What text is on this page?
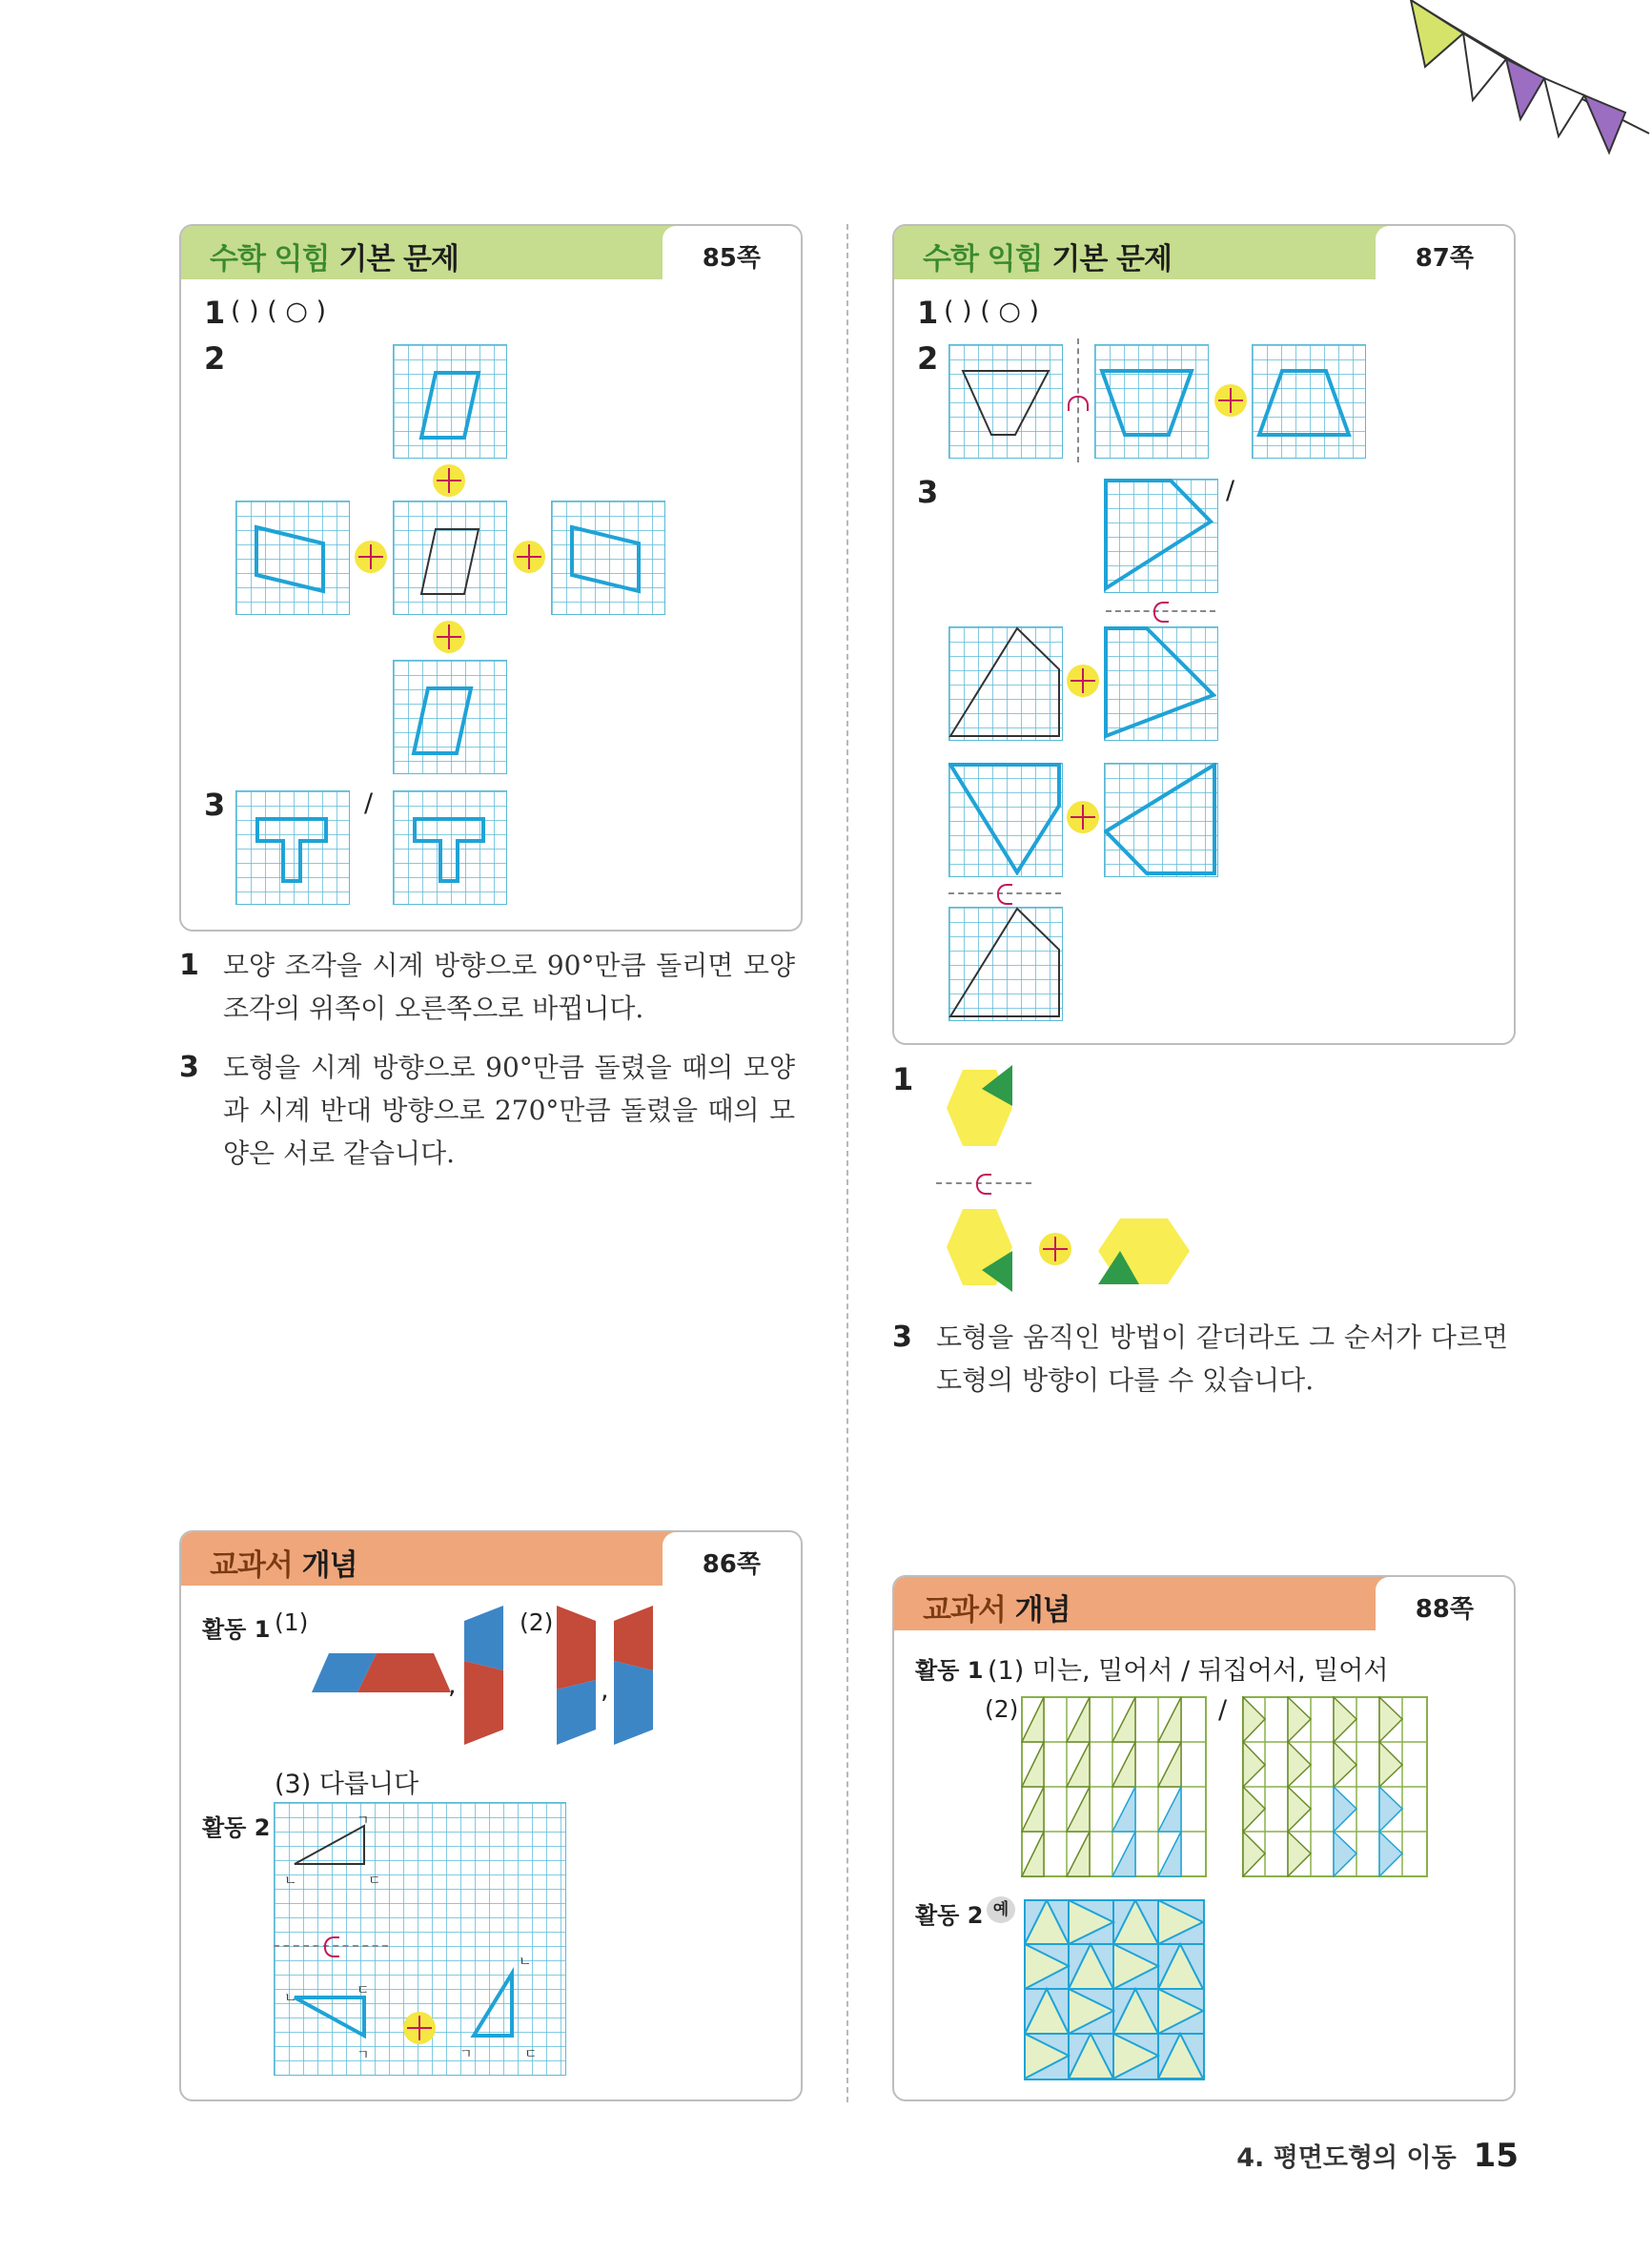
수학 익힘 기본 문제	85쪽
1 ( ) ( ○ )
2
3	/
1 모양 조각을 시계 방향으로 90°만큼 돌리면 모양 조각의 위쪽이 오른쪽으로 바뀝니다.
3 도형을 시계 방향으로 90°만큼 돌렸을 때의 모양과 시계 반대 방향으로 270°만큼 돌렸을 때의 모양은 서로 같습니다.
수학 익힘 기본 문제	87쪽
1 ( ) ( ○ )
2
3	/
1
3 도형을 움직인 방법이 같더라도 그 순서가 다르면 도형의 방향이 다를 수 있습니다.
교과서 개념	86쪽
활동 1 (1)
,
(2)
,
(3) 다릅니다
활동 2	ㄱ
ㄴ	ㄷ
ㄷ
ㄴ
ㄱ
ㄴ
ㄱ	ㄷ
교과서 개념	88쪽
활동 1 (1) 미는, 밀어서 / 뒤집어서, 밀어서
(2)	/
활동 2 예
4. 평면도형의 이동 15
